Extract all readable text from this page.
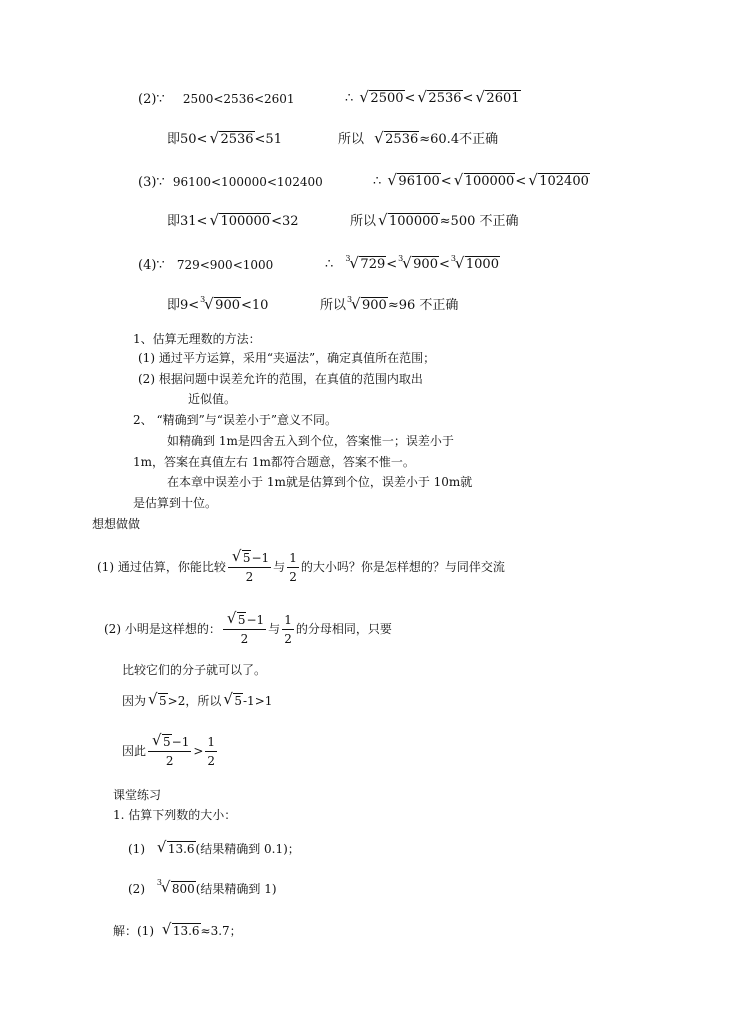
(2)∵ 2500<2536<2601	∴ √ 2500< √ 2536< √ 2601
即50< √ 2536<51	所以 √ 2536≈60.4不正确
(3)∵ 96100<100000<102400	∴ √ 96100< √ 100000< √ 102400
即31< √ 100000<32	所以 √ 100000≈500 不正确
(4)∵ 729<900<1000	∴ 3
√ 729< 3
√ 900< 3
√ 1000
即9< 3
√ 900<10	所以 3
√ 900≈96 不正确
1、估算无理数的方法：
(1) 通过平方运算，采用“夹逼法”，确定真值所在范围；
(2) 根据问题中误差允许的范围，在真值的范围内取出
近似值。
2、 “精确到”与“误差小于”意义不同。
如精确到 1m是四舍五入到个位，答案惟一；误差小于
1m，答案在真值左右 1m都符合题意，答案不惟一。
在本章中误差小于 1m就是估算到个位，误差小于 10m就
是估算到十位。
想想做做
(1) 通过估算，你能比较 $\frac{√ 5-1}{2}$ 与 $\frac{1}{2}$ 的大小吗？你是怎样想的？与同伴交流
(2) 小明是这样想的： $\frac{√ 5-1}{2}$ 与 $\frac{1}{2}$ 的分母相同，只要
比较它们的分子就可以了。
因为 √ 5>2，所以 √ 5-1>1
因此 $\frac{√ 5-1}{2} > \frac{1}{2}$
课堂练习
1. 估算下列数的大小：
(1) √ 13.6(结果精确到 0.1)；
(2) 3
√ 800(结果精确到 1)
解：(1) √ 13.6≈3.7；
